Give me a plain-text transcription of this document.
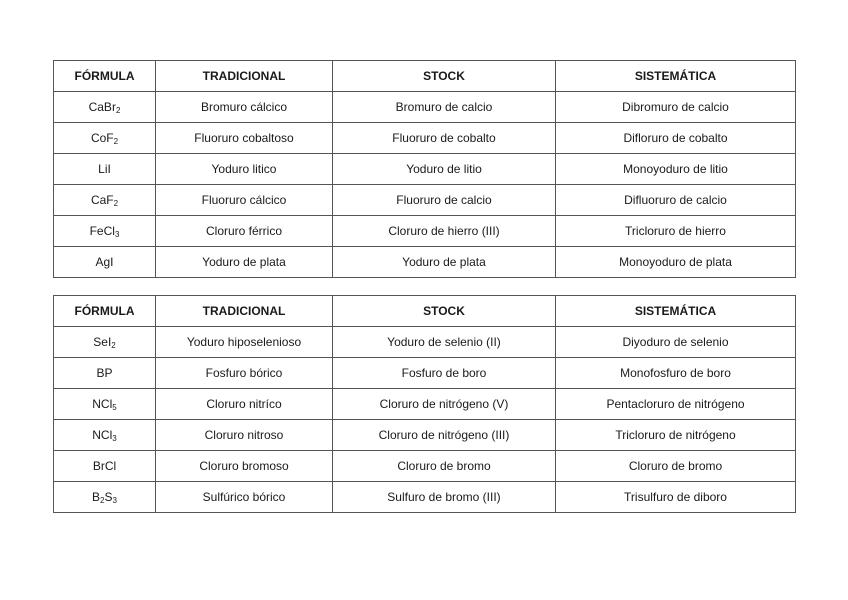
FÓRMULA	TRADICIONAL	STOCK	SISTEMÁTICA
CaBr$_2$	Bromuro cálcico	Bromuro de calcio	Dibromuro de calcio
CoF$_2$	Fluoruro cobaltoso	Fluoruro de cobalto	Difloruro de cobalto
LiI	Yoduro litico	Yoduro de litio	Monoyoduro de litio
CaF$_2$	Fluoruro cálcico	Fluoruro de calcio	Difluoruro de calcio
FeCl$_3$	Cloruro férrico	Cloruro de hierro (III)	Tricloruro de hierro
AgI	Yoduro de plata	Yoduro de plata	Monoyoduro de plata
FÓRMULA	TRADICIONAL	STOCK	SISTEMÁTICA
SeI$_2$	Yoduro hiposelenioso	Yoduro de selenio (II)	Diyoduro de selenio
BP	Fosfuro bórico	Fosfuro de boro	Monofosfuro de boro
NCl$_5$	Cloruro nitríco	Cloruro de nitrógeno (V)	Pentacloruro de nitrógeno
NCl$_3$	Cloruro nitroso	Cloruro de nitrógeno (III)	Tricloruro de nitrógeno
BrCl	Cloruro bromoso	Cloruro de bromo	Cloruro de bromo
$B_2S_3$	Sulfúrico bórico	Sulfuro de bromo (III)	Trisulfuro de diboro
